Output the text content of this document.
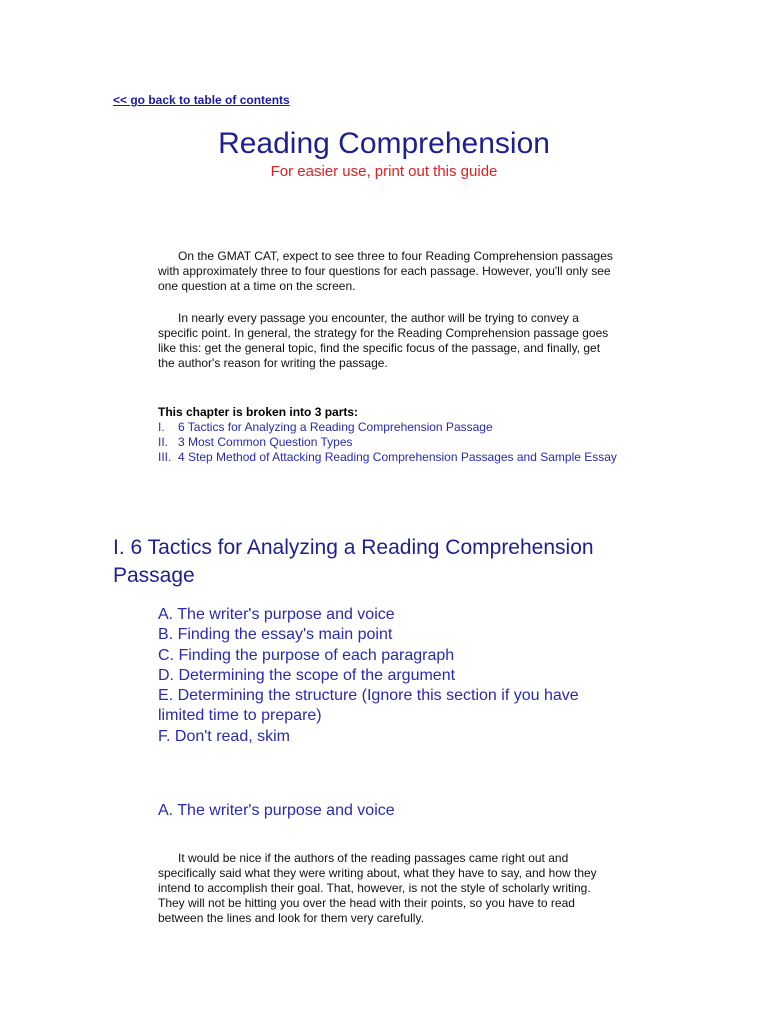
<< go back to table of contents
Reading Comprehension
For easier use, print out this guide

On the GMAT CAT, expect to see three to four Reading Comprehension passages with approximately three to four questions for each passage. However, you'll only see one question at a time on the screen.

In nearly every passage you encounter, the author will be trying to convey a specific point. In general, the strategy for the Reading Comprehension passage goes like this: get the general topic, find the specific focus of the passage, and finally, get the author's reason for writing the passage.

This chapter is broken into 3 parts:
I.    6 Tactics for Analyzing a Reading Comprehension Passage
II.   3 Most Common Question Types
III.  4 Step Method of Attacking Reading Comprehension Passages and Sample Essay
I. 6 Tactics for Analyzing a Reading Comprehension Passage
A. The writer's purpose and voice
B. Finding the essay's main point
C. Finding the purpose of each paragraph
D. Determining the scope of the argument
E. Determining the structure (Ignore this section if you have limited time to prepare)
F. Don't read, skim
A. The writer's purpose and voice

It would be nice if the authors of the reading passages came right out and specifically said what they were writing about, what they have to say, and how they intend to accomplish their goal. That, however, is not the style of scholarly writing. They will not be hitting you over the head with their points, so you have to read between the lines and look for them very carefully.
